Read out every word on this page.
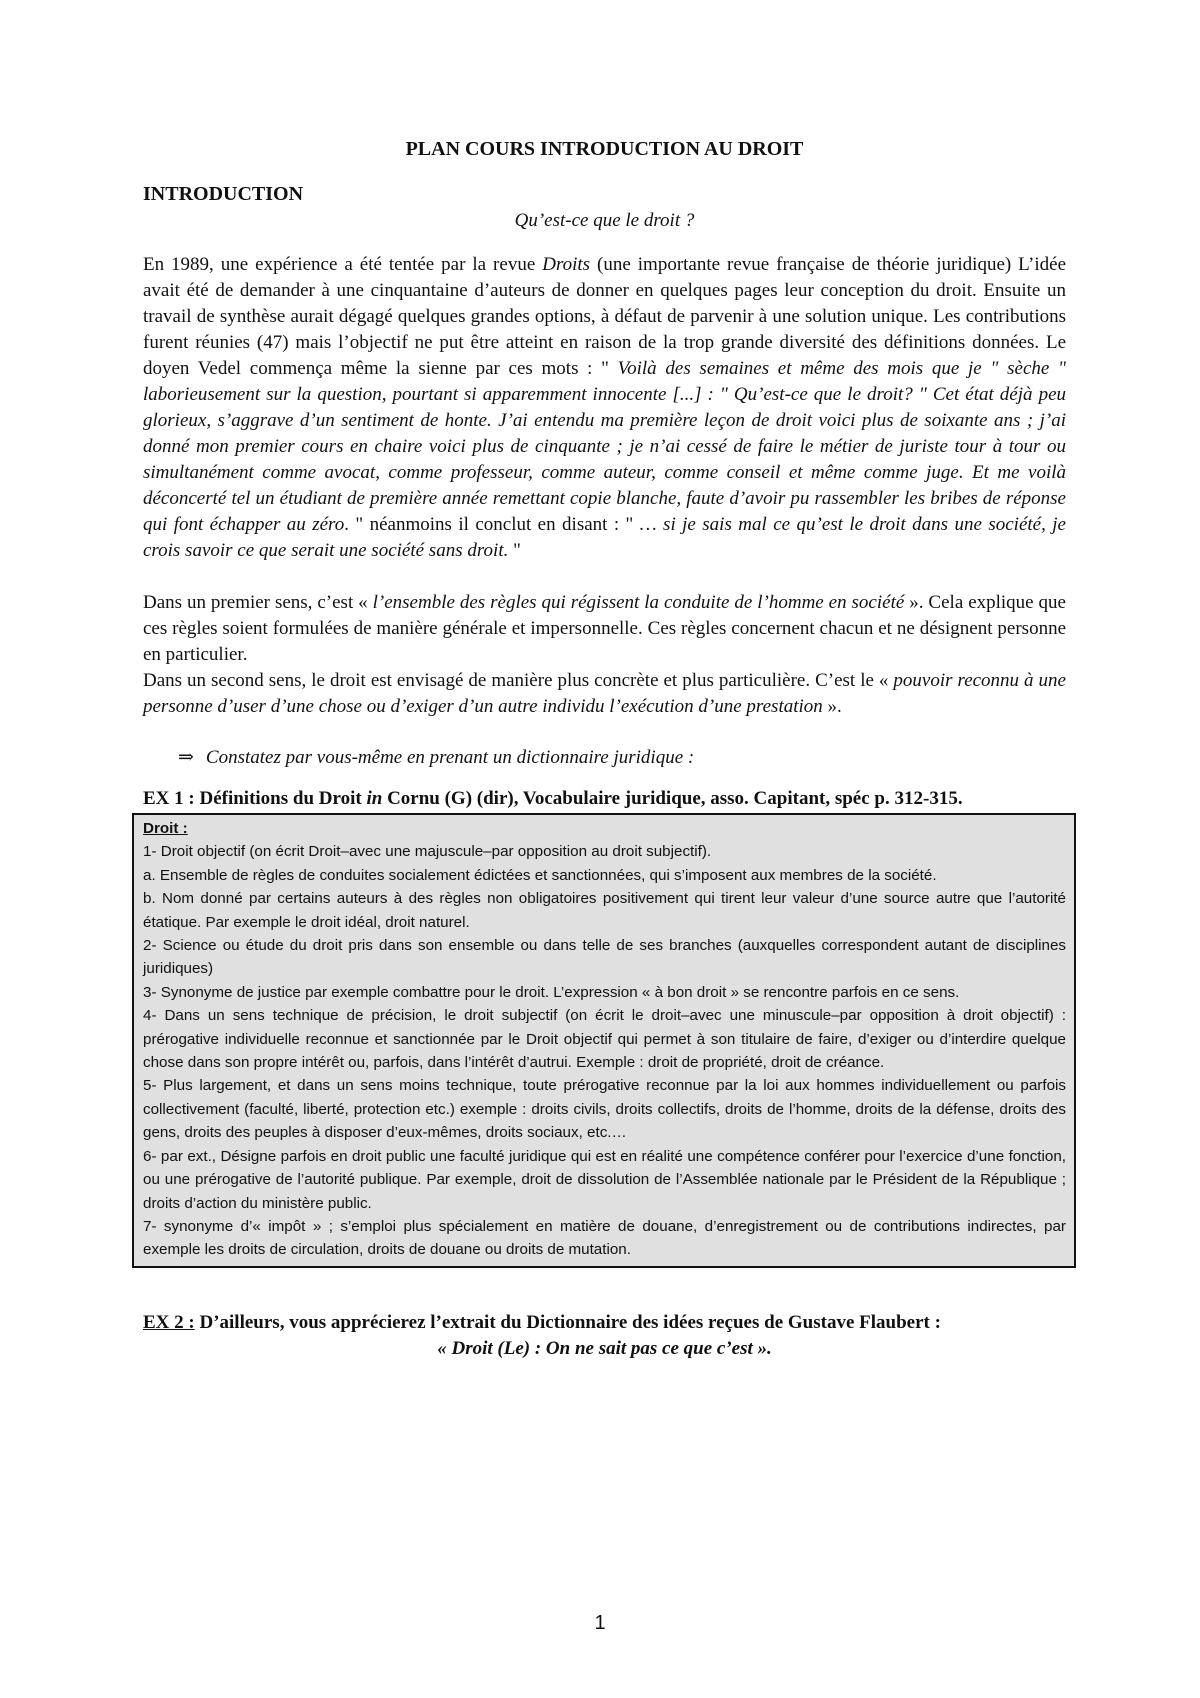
PLAN COURS INTRODUCTION AU DROIT

INTRODUCTION

Qu’est-ce que le droit ?

En 1989, une expérience a été tentée par la revue Droits (une importante revue française de théorie juridique) L’idée avait été de demander à une cinquantaine d’auteurs de donner en quelques pages leur conception du droit. Ensuite un travail de synthèse aurait dégagé quelques grandes options, à défaut de parvenir à une solution unique. Les contributions furent réunies (47) mais l’objectif ne put être atteint en raison de la trop grande diversité des définitions données. Le doyen Vedel commença même la sienne par ces mots : " Voilà des semaines et même des mois que je " sèche " laborieusement sur la question, pourtant si apparemment innocente [...] : " Qu’est-ce que le droit? " Cet état déjà peu glorieux, s’aggrave d’un sentiment de honte. J’ai entendu ma première leçon de droit voici plus de soixante ans ; j’ai donné mon premier cours en chaire voici plus de cinquante ; je n’ai cessé de faire le métier de juriste tour à tour ou simultanément comme avocat, comme professeur, comme auteur, comme conseil et même comme juge. Et me voilà déconcerté tel un étudiant de première année remettant copie blanche, faute d’avoir pu rassembler les bribes de réponse qui font échapper au zéro. " néanmoins il conclut en disant : " … si je sais mal ce qu’est le droit dans une société, je crois savoir ce que serait une société sans droit. "

Dans un premier sens, c’est « l’ensemble des règles qui régissent la conduite de l’homme en société ». Cela explique que ces règles soient formulées de manière générale et impersonnelle. Ces règles concernent chacun et ne désignent personne en particulier.

Dans un second sens, le droit est envisagé de manière plus concrète et plus particulière. C’est le « pouvoir reconnu à une personne d’user d’une chose ou d’exiger d’un autre individu l’exécution d’une prestation ».

⇒ Constatez par vous-même en prenant un dictionnaire juridique :

EX 1 : Définitions du Droit in Cornu (G) (dir), Vocabulaire juridique, asso. Capitant, spéc p. 312-315.

Droit :
1- Droit objectif (on écrit Droit–avec une majuscule–par opposition au droit subjectif).
a. Ensemble de règles de conduites socialement édictées et sanctionnées, qui s’imposent aux membres de la société.
b. Nom donné par certains auteurs à des règles non obligatoires positivement qui tirent leur valeur d’une source autre que l’autorité étatique. Par exemple le droit idéal, droit naturel.
2- Science ou étude du droit pris dans son ensemble ou dans telle de ses branches (auxquelles correspondent autant de disciplines juridiques)
3- Synonyme de justice par exemple combattre pour le droit. L’expression « à bon droit » se rencontre parfois en ce sens.
4- Dans un sens technique de précision, le droit subjectif (on écrit le droit–avec une minuscule–par opposition à droit objectif) : prérogative individuelle reconnue et sanctionnée par le Droit objectif qui permet à son titulaire de faire, d’exiger ou d’interdire quelque chose dans son propre intérêt ou, parfois, dans l’intérêt d’autrui. Exemple : droit de propriété, droit de créance.
5- Plus largement, et dans un sens moins technique, toute prérogative reconnue par la loi aux hommes individuellement ou parfois collectivement (faculté, liberté, protection etc.) exemple : droits civils, droits collectifs, droits de l’homme, droits de la défense, droits des gens, droits des peuples à disposer d’eux-mêmes, droits sociaux, etc.…
6- par ext., Désigne parfois en droit public une faculté juridique qui est en réalité une compétence conférer pour l’exercice d’une fonction, ou une prérogative de l’autorité publique. Par exemple, droit de dissolution de l’Assemblée nationale par le Président de la République ; droits d’action du ministère public.
7- synonyme d’« impôt » ; s’emploi plus spécialement en matière de douane, d’enregistrement ou de contributions indirectes, par exemple les droits de circulation, droits de douane ou droits de mutation.

EX 2 : D’ailleurs, vous apprécierez l’extrait du Dictionnaire des idées reçues de Gustave Flaubert :

« Droit (Le) : On ne sait pas ce que c’est ».

1
